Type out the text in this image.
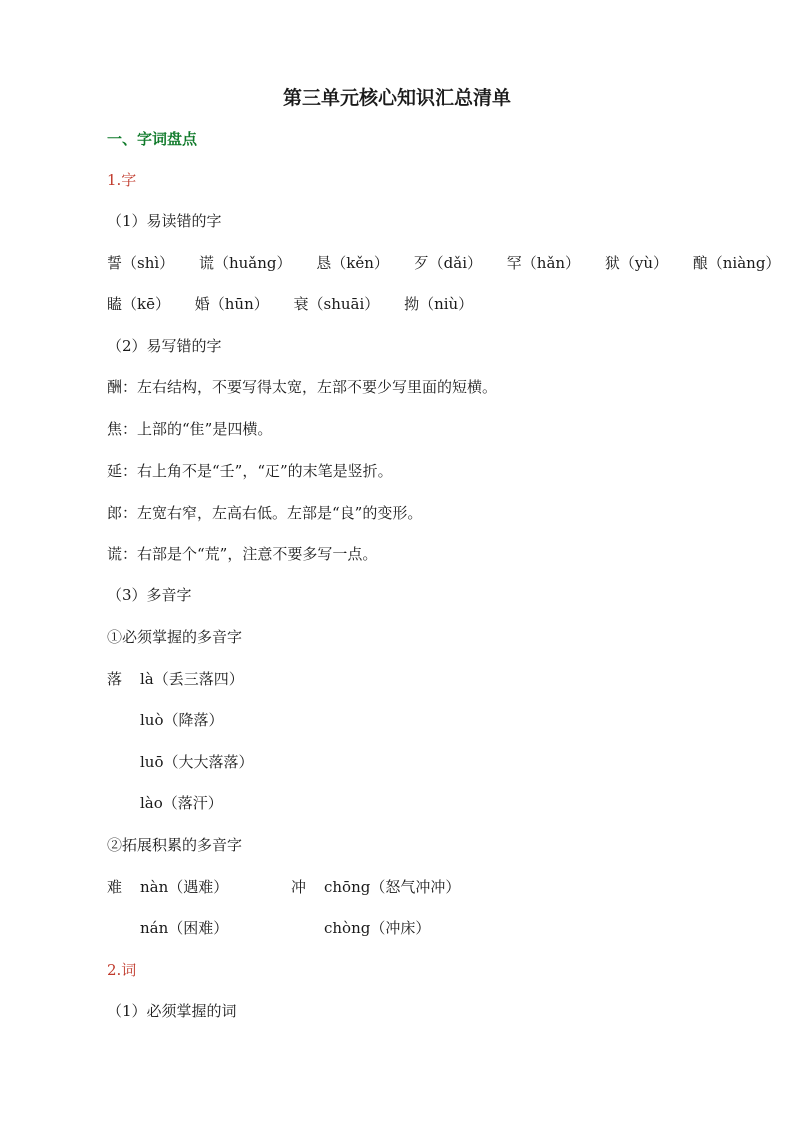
第三单元核心知识汇总清单
一、字词盘点
1.字
（1）易读错的字
誓（shì） 谎（huǎng） 恳（kěn） 歹（dǎi） 罕（hǎn） 狱（yù） 酿（niàng）
瞌（kē） 婚（hūn） 衰（shuāi） 拗（niù）
（2）易写错的字
酬：左右结构，不要写得太宽，左部不要少写里面的短横。
焦：上部的“隹”是四横。
延：右上角不是“壬”，“𤴓”的末笔是竖折。
郎：左宽右窄，左高右低。左部是“良”的变形。
谎：右部是个“荒”，注意不要多写一点。
（3）多音字
①必须掌握的多音字
落 là（丢三落四）
luò（降落）
luō（大大落落）
lào（落汗）
②拓展积累的多音字
难 nàn（遇难）
nán（困难）
冲 chōng（怒气冲冲）
chòng（冲床）
2.词
（1）必须掌握的词
